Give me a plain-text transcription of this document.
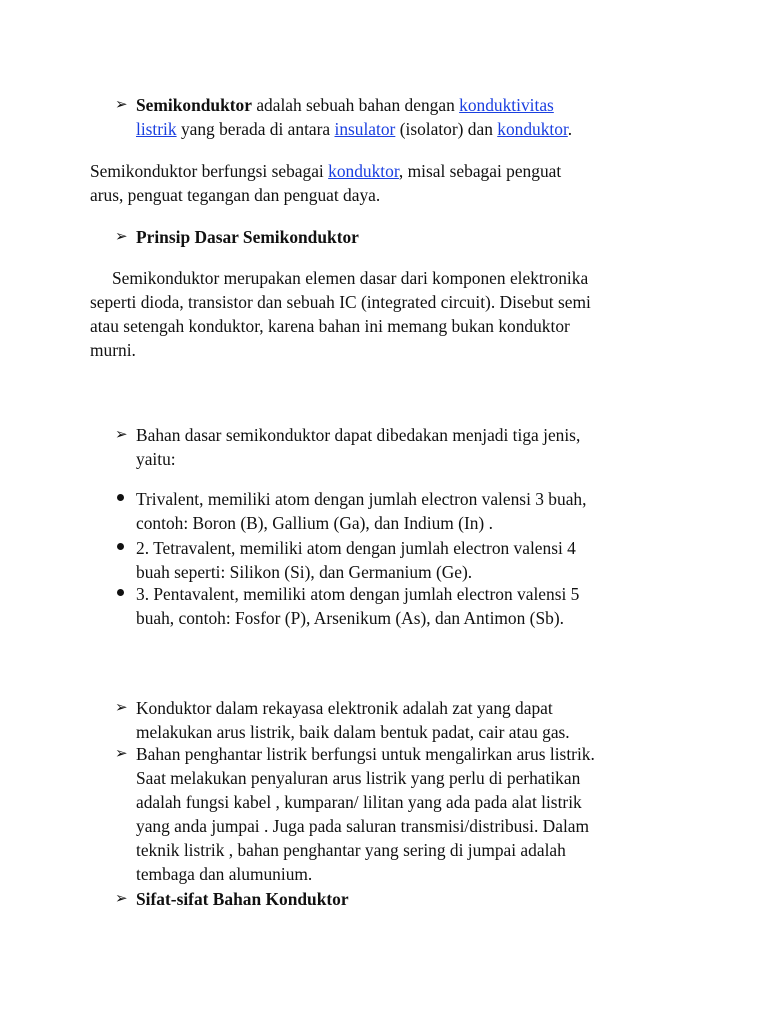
➢ Semikonduktor adalah sebuah bahan dengan konduktivitas
listrik yang berada di antara insulator (isolator) dan konduktor.

Semikonduktor berfungsi sebagai konduktor, misal sebagai penguat
arus, penguat tegangan dan penguat daya.

➢ Prinsip Dasar Semikonduktor

Semikonduktor merupakan elemen dasar dari komponen elektronika
seperti dioda, transistor dan sebuah IC (integrated circuit). Disebut semi
atau setengah konduktor, karena bahan ini memang bukan konduktor
murni.

➢ Bahan dasar semikonduktor dapat dibedakan menjadi tiga jenis,
yaitu:

Trivalent, memiliki atom dengan jumlah electron valensi 3 buah,
contoh: Boron (B), Gallium (Ga), dan Indium (In) .

2. Tetravalent, memiliki atom dengan jumlah electron valensi 4
buah seperti: Silikon (Si), dan Germanium (Ge).

3. Pentavalent, memiliki atom dengan jumlah electron valensi 5
buah, contoh: Fosfor (P), Arsenikum (As), dan Antimon (Sb).

➢ Konduktor dalam rekayasa elektronik adalah zat yang dapat
melakukan arus listrik, baik dalam bentuk padat, cair atau gas.

➢ Bahan penghantar listrik berfungsi untuk mengalirkan arus listrik.
Saat melakukan penyaluran arus listrik yang perlu di perhatikan
adalah fungsi kabel , kumparan/ lilitan yang ada pada alat listrik
yang anda jumpai . Juga pada saluran transmisi/distribusi. Dalam
teknik listrik , bahan penghantar yang sering di jumpai adalah
tembaga dan alumunium.

➢ Sifat-sifat Bahan Konduktor
